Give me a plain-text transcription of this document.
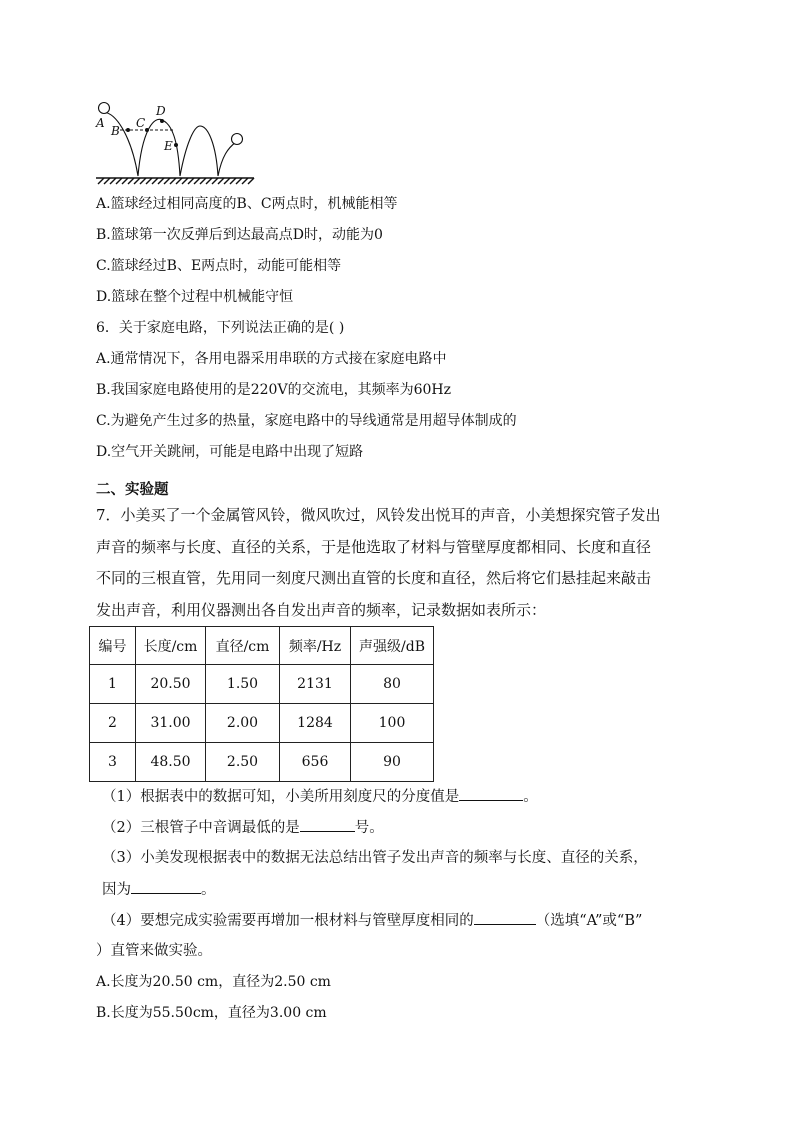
A
B
C
D
E
A.篮球经过相同高度的B、C两点时，机械能相等
B.篮球第一次反弹后到达最高点D时，动能为0
C.篮球经过B、E两点时，动能可能相等
D.篮球在整个过程中机械能守恒
6．关于家庭电路，下列说法正确的是( )
A.通常情况下，各用电器采用串联的方式接在家庭电路中
B.我国家庭电路使用的是220V的交流电，其频率为60Hz
C.为避免产生过多的热量，家庭电路中的导线通常是用超导体制成的
D.空气开关跳闸，可能是电路中出现了短路
二、实验题
7．小美买了一个金属管风铃，微风吹过，风铃发出悦耳的声音，小美想探究管子发出
声音的频率与长度、直径的关系，于是他选取了材料与管壁厚度都相同、长度和直径
不同的三根直管，先用同一刻度尺测出直管的长度和直径，然后将它们悬挂起来敲击
发出声音，利用仪器测出各自发出声音的频率，记录数据如表所示：
编号	长度/cm	直径/cm	频率/Hz	声强级/dB
1	20.50	1.50	2131	80
2	31.00	2.00	1284	100
3	48.50	2.50	656	90
（1）根据表中的数据可知，小美所用刻度尺的分度值是	。
（2）三根管子中音调最低的是	号。
（3）小美发现根据表中的数据无法总结出管子发出声音的频率与长度、直径的关系，
因为	。
（4）要想完成实验需要再增加一根材料与管壁厚度相同的	（选填“A”或“B”
）直管来做实验。
A.长度为20.50 cm，直径为2.50 cm
B.长度为55.50cm，直径为3.00 cm
